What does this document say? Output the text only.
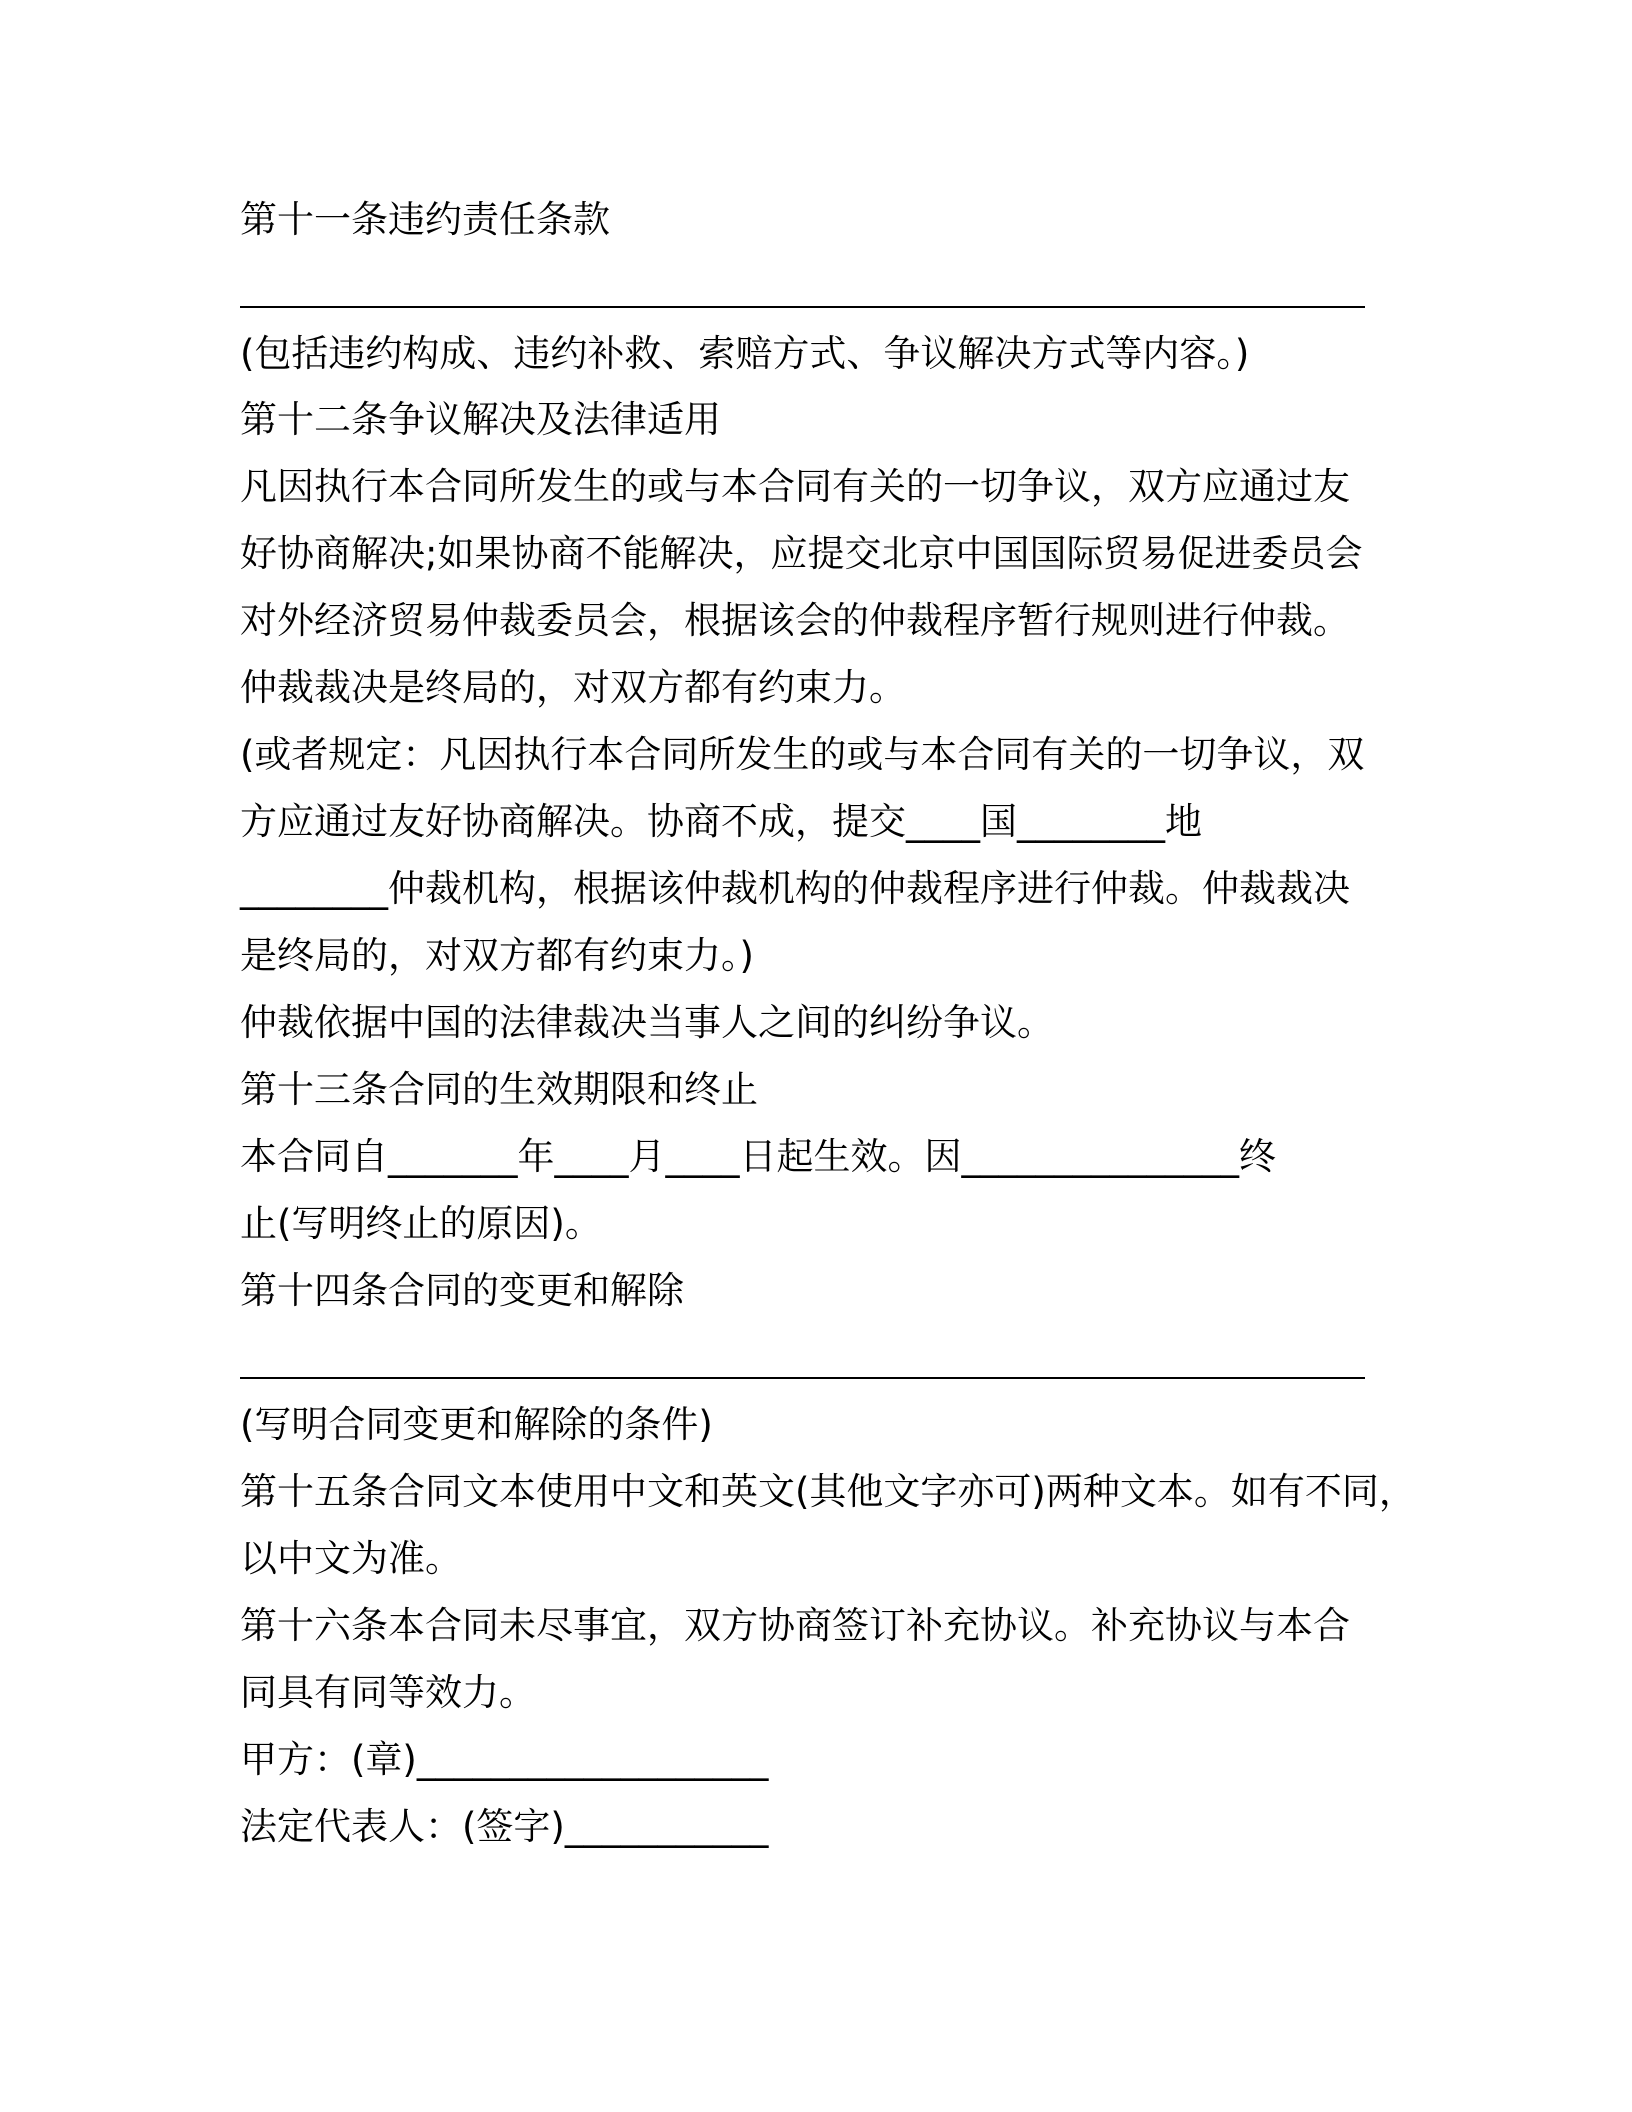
第十一条违约责任条款
(包括违约构成、违约补救、索赔方式、争议解决方式等内容。)
第十二条争议解决及法律适用
凡因执行本合同所发生的或与本合同有关的一切争议，双方应通过友
好协商解决;如果协商不能解决，应提交北京中国国际贸易促进委员会
对外经济贸易仲裁委员会，根据该会的仲裁程序暂行规则进行仲裁。
仲裁裁决是终局的，对双方都有约束力。
(或者规定：凡因执行本合同所发生的或与本合同有关的一切争议，双
方应通过友好协商解决。协商不成，提交____国________地
________仲裁机构，根据该仲裁机构的仲裁程序进行仲裁。仲裁裁决
是终局的，对双方都有约束力。)
仲裁依据中国的法律裁决当事人之间的纠纷争议。
第十三条合同的生效期限和终止
本合同自_______年____月____日起生效。因_______________终
止(写明终止的原因)。
第十四条合同的变更和解除
(写明合同变更和解除的条件)
第十五条合同文本使用中文和英文(其他文字亦可)两种文本。如有不同，
以中文为准。
第十六条本合同未尽事宜，双方协商签订补充协议。补充协议与本合
同具有同等效力。
甲方：(章)___________________
法定代表人：(签字)___________
